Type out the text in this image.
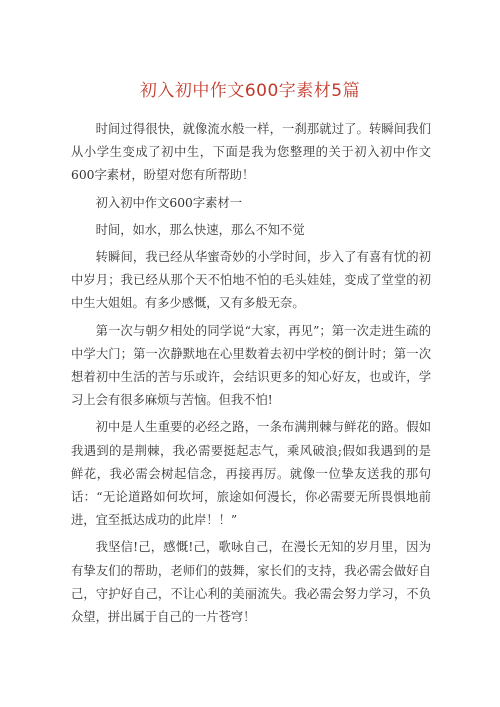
初入初中作文600字素材5篇

时间过得很快，就像流水般一样，一刹那就过了。转瞬间我们从小学生变成了初中生，下面是我为您整理的关于初入初中作文600字素材，盼望对您有所帮助！

初入初中作文600字素材一

时间，如水，那么快速，那么不知不觉

转瞬间，我已经从华蜜奇妙的小学时间，步入了有喜有忧的初中岁月；我已经从那个天不怕地不怕的毛头娃娃，变成了堂堂的初中生大姐姐。有多少感慨，又有多般无奈。

第一次与朝夕相处的同学说“大家，再见”；第一次走进生疏的中学大门；第一次静默地在心里数着去初中学校的倒计时；第一次想着初中生活的苦与乐或许，会结识更多的知心好友，也或许，学习上会有很多麻烦与苦恼。但我不怕!

初中是人生重要的必经之路，一条布满荆棘与鲜花的路。假如我遇到的是荆棘，我必需要挺起志气，乘风破浪;假如我遇到的是鲜花，我必需会树起信念，再接再厉。就像一位挚友送我的那句话：“无论道路如何坎坷，旅途如何漫长，你必需要无所畏惧地前进，宜至抵达成功的此岸！！”

我坚信!己，感慨!己，歌咏自己，在漫长无知的岁月里，因为有挚友们的帮助，老师们的鼓舞，家长们的支持，我必需会做好自己，守护好自己，不让心利的美丽流失。我必需会努力学习，不负众望，拼出属于自己的一片苍穹！
